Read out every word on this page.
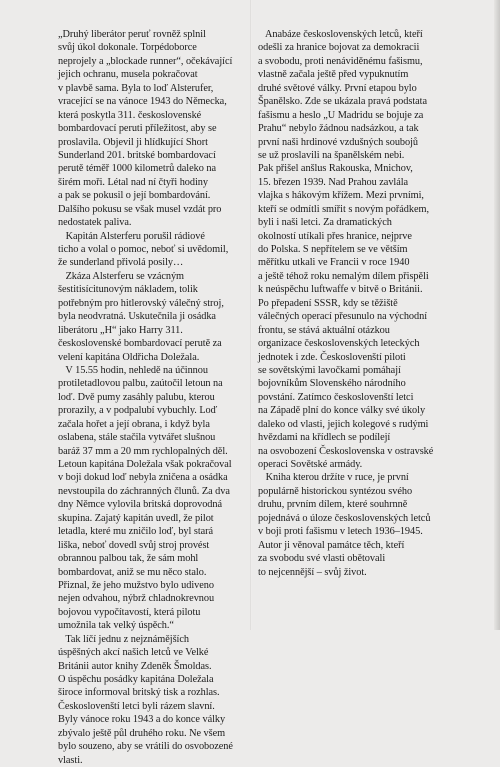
„Druhý liberátor peruť rovněž splnil
svůj úkol dokonale. Torpédoborce
neprojely a „blockade runner“, očekávající
jejich ochranu, musela pokračovat
v plavbě sama. Byla to loď Alsterufer,
vracející se na vánoce 1943 do Německa,
která poskytla 311. československé
bombardovací peruti příležitost, aby se
proslavila. Objevil ji hlídkující Short
Sunderland 201. britské bombardovací
perutě téměř 1000 kilometrů daleko na
širém moři. Létal nad ní čtyři hodiny
a pak se pokusil o její bombardování.
Dalšího pokusu se však musel vzdát pro
nedostatek paliva.
Kapitán Alsterferu porušil rádiové
ticho a volal o pomoc, neboť si uvědomil,
že sunderland přivolá posily…
Zkáza Alsterferu se vzácným
šestitisícitunovým nákladem, tolik
potřebným pro hitlerovský válečný stroj,
byla neodvratná. Uskutečnila ji osádka
liberátoru „H“ jako Harry 311.
československé bombardovací perutě za
velení kapitána Oldřicha Doležala.
V 15.55 hodin, nehledě na účinnou
protiletadlovou palbu, zaútočil letoun na
loď. Dvě pumy zasáhly palubu, kterou
prorazily, a v podpalubí vybuchly. Loď
začala hořet a její obrana, i když byla
oslabena, stále stačila vytvářet slušnou
baráž 37 mm a 20 mm rychlopalných děl.
Letoun kapitána Doležala však pokračoval
v boji dokud loď nebyla zničena a osádka
nevstoupila do záchranných člunů. Za dva
dny Němce vylovila britská doprovodná
skupina. Zajatý kapitán uvedl, že pilot
letadla, které mu zničilo loď, byl stará
liška, neboť dovedl svůj stroj provést
obrannou palbou tak, že sám mohl
bombardovat, aniž se mu něco stalo.
Přiznal, že jeho mužstvo bylo udiveno
nejen odvahou, nýbrž chladnokrevnou
bojovou vypočítavostí, která pilotu
umožnila tak velký úspěch.“
Tak líčí jednu z nejznámějších
úspěšných akcí našich letců ve Velké
Británii autor knihy Zdeněk Šmoldas.
O úspěchu posádky kapitána Doležala
široce informoval britský tisk a rozhlas.
Českoslovenští letci byli rázem slavní.
Byly vánoce roku 1943 a do konce války
zbývalo ještě půl druhého roku. Ne všem
bylo souzeno, aby se vrátili do osvobozené
vlasti.
Anabáze československých letců, kteří
odešli za hranice bojovat za demokracii
a svobodu, proti nenáviděnému fašismu,
vlastně začala ještě před vypuknutím
druhé světové války. První etapou bylo
Španělsko. Zde se ukázala pravá podstata
fašismu a heslo „U Madridu se bojuje za
Prahu“ nebylo žádnou nadsázkou, a tak
první naši hrdinové vzdušných soubojů
se už proslavili na španělském nebi.
Pak přišel anšlus Rakouska, Mnichov,
15. březen 1939. Nad Prahou zavlála
vlajka s hákovým křížem. Mezi prvními,
kteří se odmítli smířit s novým pořádkem,
byli i naši letci. Za dramatických
okolností utíkali přes hranice, nejprve
do Polska. S nepřítelem se ve větším
měřítku utkali ve Francii v roce 1940
a ještě téhož roku nemalým dílem přispěli
k neúspěchu luftwaffe v bitvě o Británii.
Po přepadení SSSR, kdy se těžiště
válečných operací přesunulo na východní
frontu, se stává aktuální otázkou
organizace československých leteckých
jednotek i zde. Českoslovenští piloti
se sovětskými lavočkami pomáhají
bojovníkům Slovenského národního
povstání. Zatímco českoslovenští letci
na Západě plní do konce války své úkoly
daleko od vlasti, jejich kolegové s rudými
hvězdami na křídlech se podílejí
na osvobození Československa v ostravské
operaci Sovětské armády.
Kniha kterou držíte v ruce, je první
populárně historickou syntézou svého
druhu, prvním dílem, které souhrnně
pojednává o úloze československých letců
v boji proti fašismu v letech 1936–1945.
Autor ji věnoval památce těch, kteří
za svobodu své vlasti obětovali
to nejcennější – svůj život.
